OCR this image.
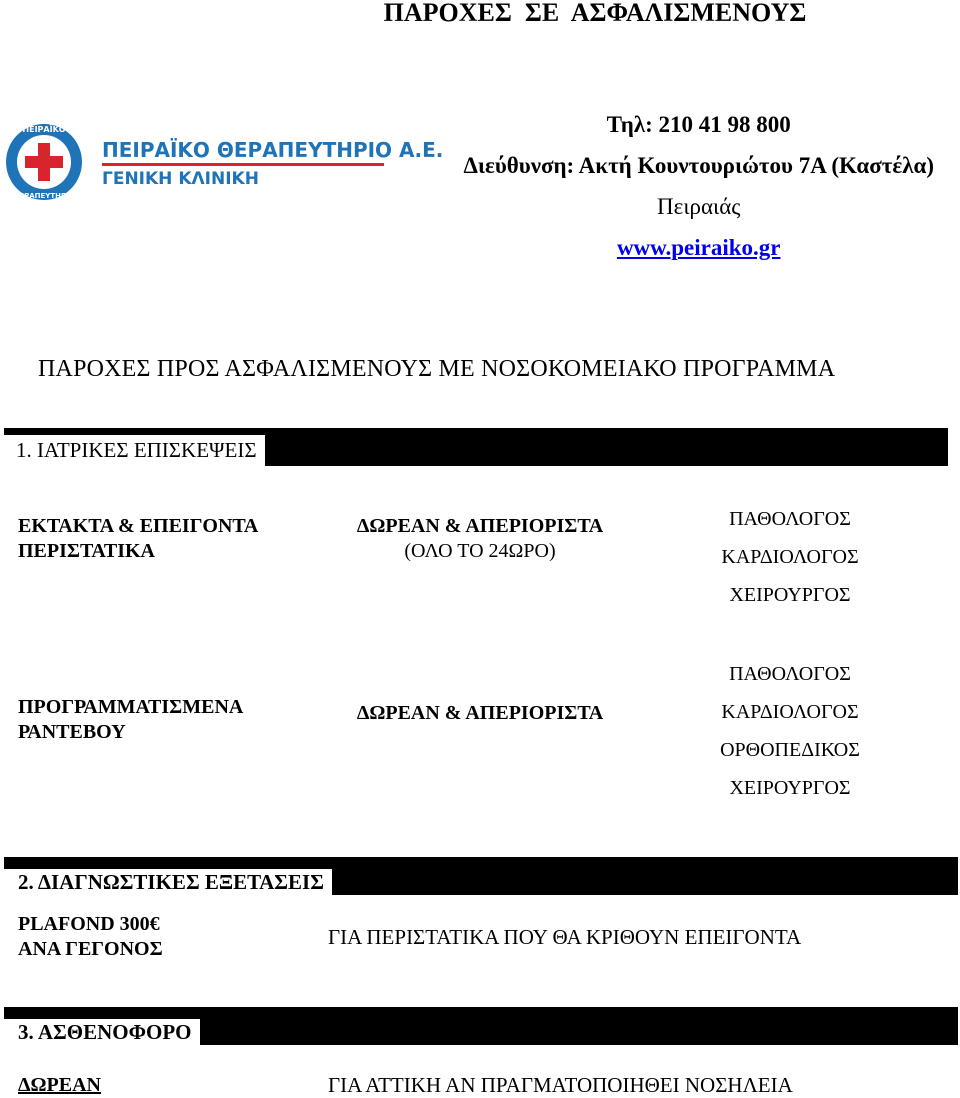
ΠΑΡΟΧΕΣ  ΣΕ  ΑΣΦΑΛΙΣΜΕΝΟΥΣ
ΠΕΙΡΑΪΚΟ
ΘΕΡΑΠΕΥΤΗΡΙΟ
ΠΕΙΡΑΪΚΟ ΘΕΡΑΠΕΥΤΗΡΙΟ Α.Ε.
ΓΕΝΙΚΗ ΚΛΙΝΙΚΗ
Τηλ: 210 41 98 800
Διεύθυνση: Ακτή Κουντουριώτου 7Α (Καστέλα)
Πειραιάς
www.peiraiko.gr
ΠΑΡΟΧΕΣ ΠΡΟΣ ΑΣΦΑΛΙΣΜΕΝΟΥΣ ΜΕ ΝΟΣΟΚΟΜΕΙΑΚΟ ΠΡΟΓΡΑΜΜΑ
1. ΙΑΤΡΙΚΕΣ ΕΠΙΣΚΕΨΕΙΣ
ΕΚΤΑΚΤΑ & ΕΠΕΙΓΟΝΤΑ
ΠΕΡΙΣΤΑΤΙΚΑ
ΔΩΡΕΑΝ & ΑΠΕΡΙΟΡΙΣΤΑ
(ΟΛΟ ΤΟ 24ΩΡΟ)
ΠΑΘΟΛΟΓΟΣ
ΚΑΡΔΙΟΛΟΓΟΣ
ΧΕΙΡΟΥΡΓΟΣ
ΠΡΟΓΡΑΜΜΑΤΙΣΜΕΝΑ
ΡΑΝΤΕΒΟΥ
ΔΩΡΕΑΝ & ΑΠΕΡΙΟΡΙΣΤΑ
ΠΑΘΟΛΟΓΟΣ
ΚΑΡΔΙΟΛΟΓΟΣ
ΟΡΘΟΠΕΔΙΚΟΣ
ΧΕΙΡΟΥΡΓΟΣ
2. ΔΙΑΓΝΩΣΤΙΚΕΣ ΕΞΕΤΑΣΕΙΣ
PLAFOND 300€
ΑΝΑ ΓΕΓΟΝΟΣ	ΓΙΑ ΠΕΡΙΣΤΑΤΙΚΑ ΠΟΥ ΘΑ ΚΡΙΘΟΥΝ ΕΠΕΙΓΟΝΤΑ
3. ΑΣΘΕΝΟΦΟΡΟ
ΔΩΡΕΑΝ	ΓΙΑ ΑΤΤΙΚΗ ΑΝ ΠΡΑΓΜΑΤΟΠΟΙΗΘΕΙ ΝΟΣΗΛΕΙΑ
